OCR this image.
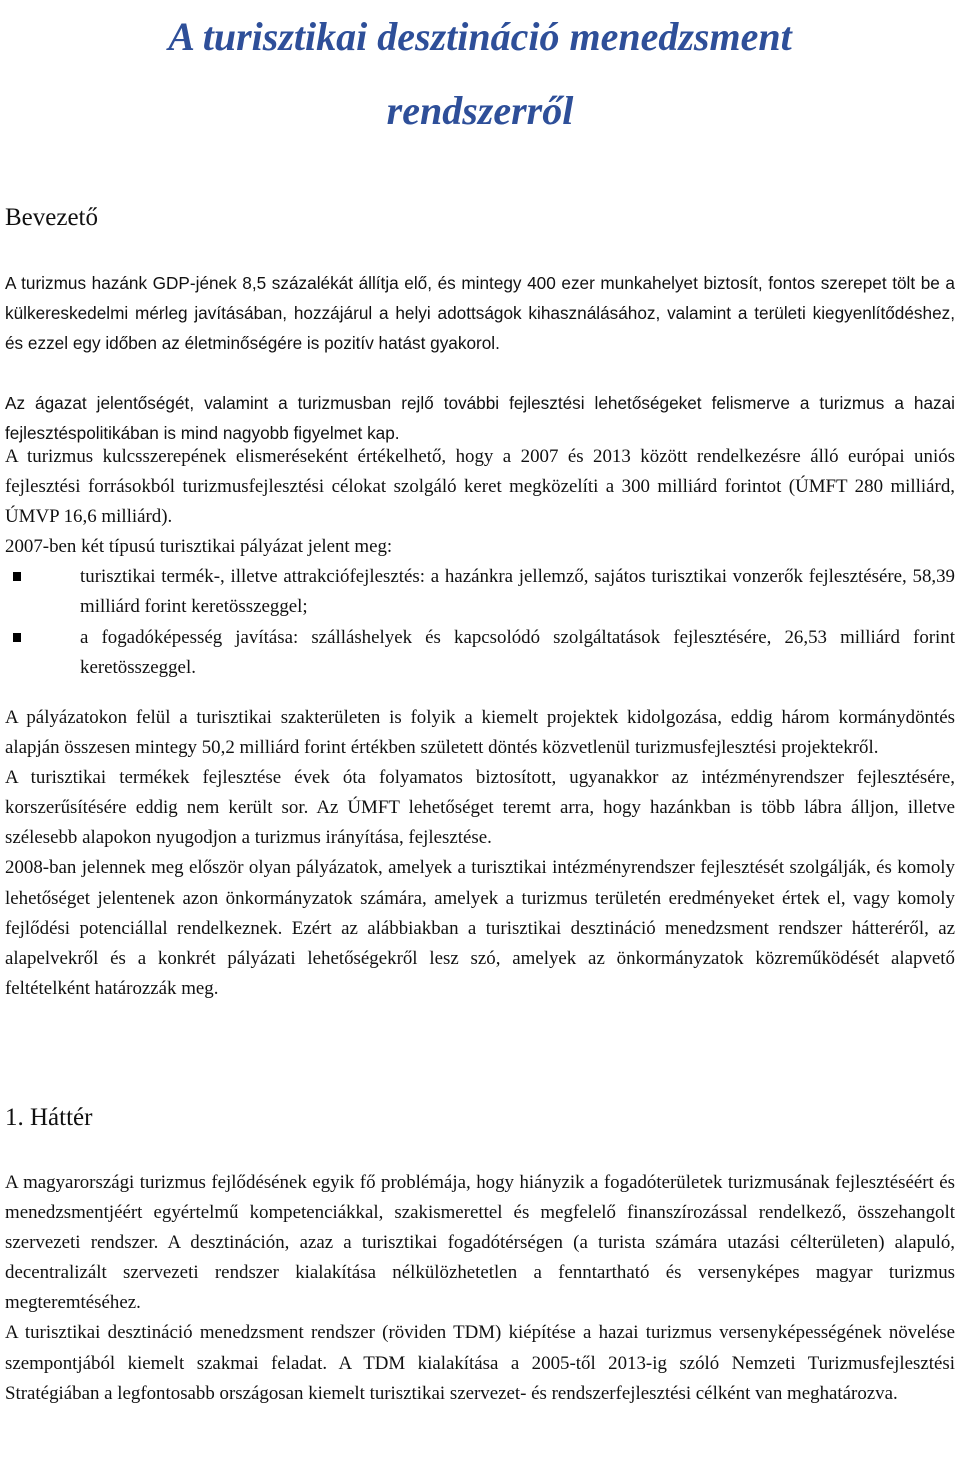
A turisztikai desztináció menedzsment
rendszerről
Bevezető

A turizmus hazánk GDP-jének 8,5 százalékát állítja elő, és mintegy 400 ezer munkahelyet biztosít, fontos szerepet tölt be a külkereskedelmi mérleg javításában, hozzájárul a helyi adottságok kihasználásához, valamint a területi kiegyenlítődéshez, és ezzel egy időben az életminőségére is pozitív hatást gyakorol.

Az ágazat jelentőségét, valamint a turizmusban rejlő további fejlesztési lehetőségeket felismerve a turizmus a hazai fejlesztéspolitikában is mind nagyobb figyelmet kap.

A turizmus kulcsszerepének elismeréseként értékelhető, hogy a 2007 és 2013 között rendelkezésre álló európai uniós fejlesztési forrásokból turizmusfejlesztési célokat szolgáló keret megközelíti a 300 milliárd forintot (ÚMFT 280 milliárd, ÚMVP 16,6 milliárd).

2007-ben két típusú turisztikai pályázat jelent meg:

turisztikai termék-, illetve attrakciófejlesztés: a hazánkra jellemző, sajátos turisztikai vonzerők fejlesztésére, 58,39 milliárd forint keretösszeggel;
a fogadóképesség javítása: szálláshelyek és kapcsolódó szolgáltatások fejlesztésére, 26,53 milliárd forint keretösszeggel.

A pályázatokon felül a turisztikai szakterületen is folyik a kiemelt projektek kidolgozása, eddig három kormánydöntés alapján összesen mintegy 50,2 milliárd forint értékben született döntés közvetlenül turizmusfejlesztési projektekről.

A turisztikai termékek fejlesztése évek óta folyamatos biztosított, ugyanakkor az intézményrendszer fejlesztésére, korszerűsítésére eddig nem került sor. Az ÚMFT lehetőséget teremt arra, hogy hazánkban is több lábra álljon, illetve szélesebb alapokon nyugodjon a turizmus irányítása, fejlesztése.

2008-ban jelennek meg először olyan pályázatok, amelyek a turisztikai intézményrendszer fejlesztését szolgálják, és komoly lehetőséget jelentenek azon önkormányzatok számára, amelyek a turizmus területén eredményeket értek el, vagy komoly fejlődési potenciállal rendelkeznek. Ezért az alábbiakban a turisztikai desztináció menedzsment rendszer hátteréről, az alapelvekről és a konkrét pályázati lehetőségekről lesz szó, amelyek az önkormányzatok közreműködését alapvető feltételként határozzák meg.

1. Háttér

A magyarországi turizmus fejlődésének egyik fő problémája, hogy hiányzik a fogadóterületek turizmusának fejlesztéséért és menedzsmentjéért egyértelmű kompetenciákkal, szakismerettel és megfelelő finanszírozással rendelkező, összehangolt szervezeti rendszer. A desztináción, azaz a turisztikai fogadótérségen (a turista számára utazási célterületen) alapuló, decentralizált szervezeti rendszer kialakítása nélkülözhetetlen a fenntartható és versenyképes magyar turizmus megteremtéséhez.

A turisztikai desztináció menedzsment rendszer (röviden TDM) kiépítése a hazai turizmus versenyképességének növelése szempontjából kiemelt szakmai feladat. A TDM kialakítása a 2005-től 2013-ig szóló Nemzeti Turizmusfejlesztési Stratégiában a legfontosabb országosan kiemelt turisztikai szervezet- és rendszerfejlesztési célként van meghatározva.
